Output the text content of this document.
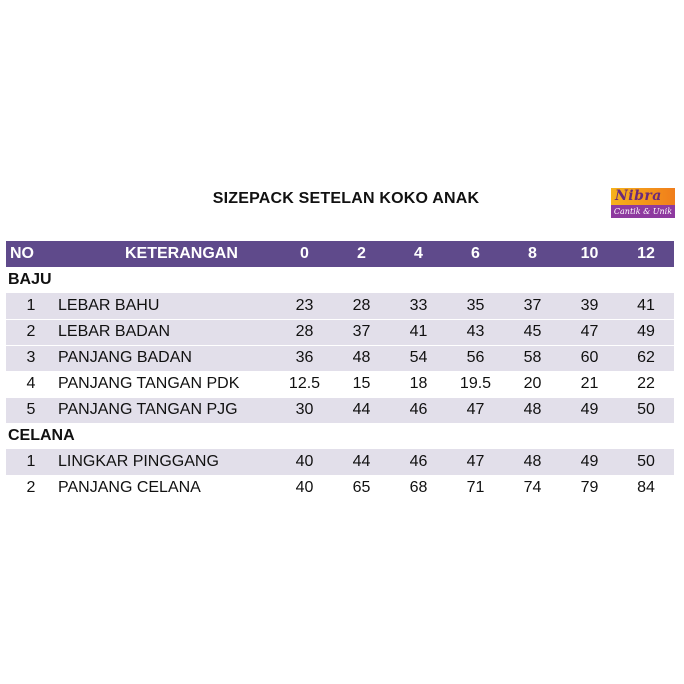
SIZEPACK SETELAN KOKO ANAK	Nibra
Cantik & Unik
NO	KETERANGAN	0	2	4	6	8	10	12
BAJU								
1	LEBAR BAHU	23	28	33	35	37	39	41
2	LEBAR BADAN	28	37	41	43	45	47	49
3	PANJANG BADAN	36	48	54	56	58	60	62
4	PANJANG TANGAN PDK	12.5	15	18	19.5	20	21	22
5	PANJANG TANGAN PJG	30	44	46	47	48	49	50
CELANA								
1	LINGKAR PINGGANG	40	44	46	47	48	49	50
2	PANJANG CELANA	40	65	68	71	74	79	84
